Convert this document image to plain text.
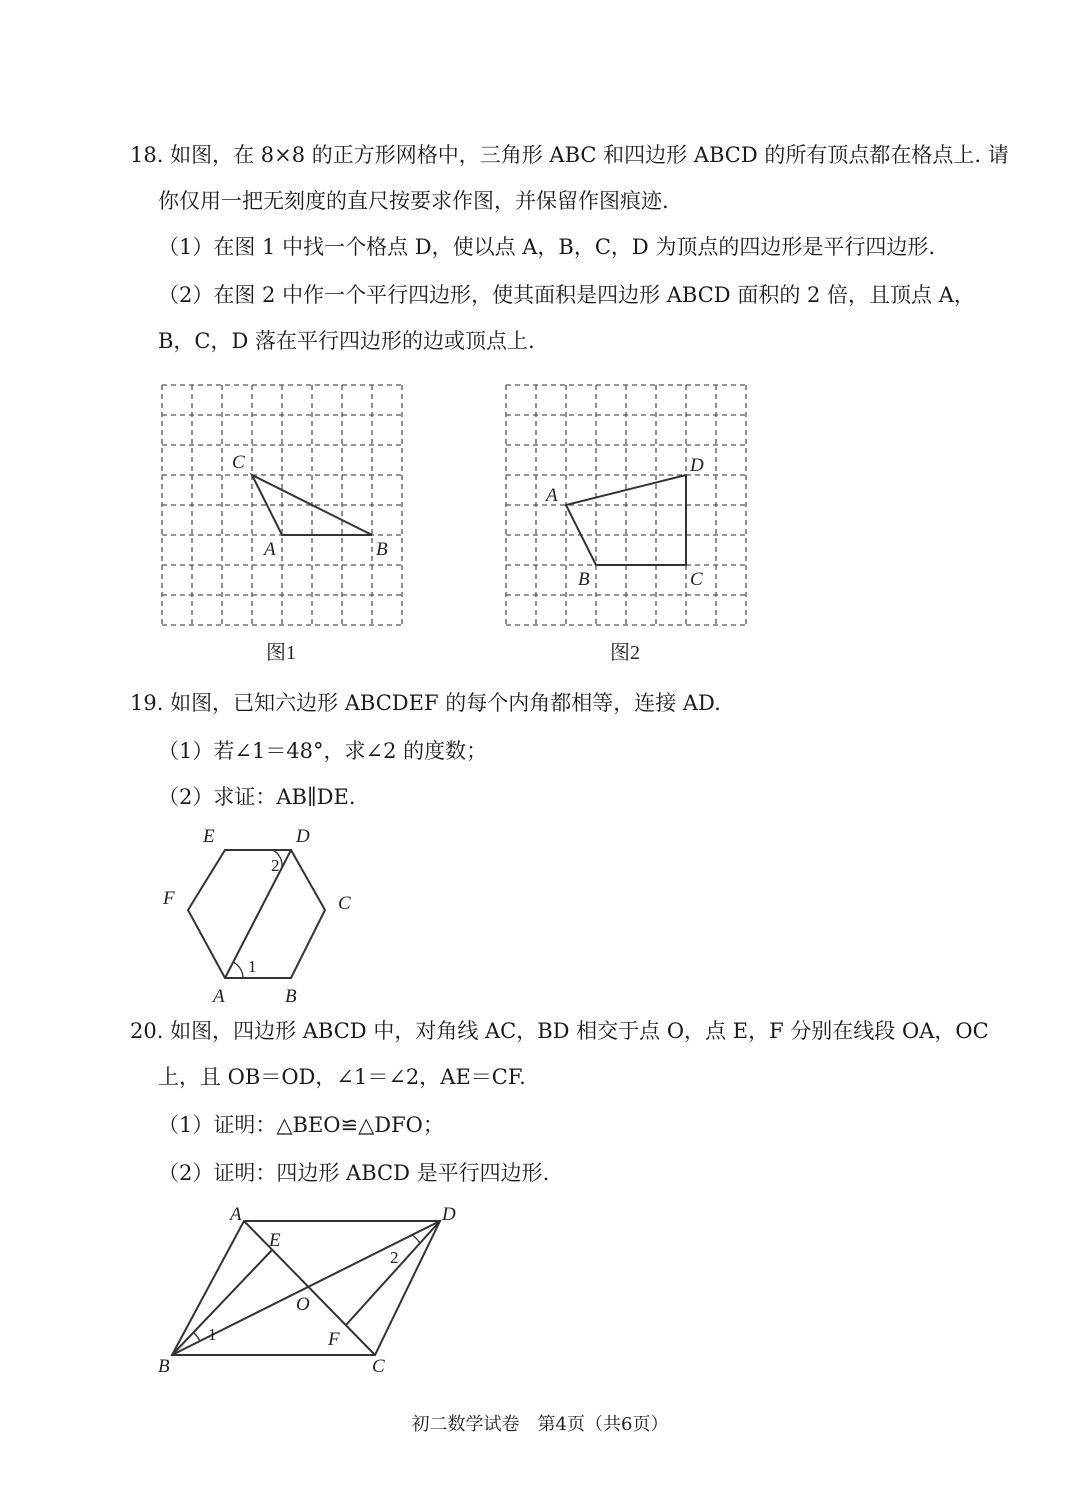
18. 如图，在 8×8 的正方形网格中，三角形 ABC 和四边形 ABCD 的所有顶点都在格点上. 请
你仅用一把无刻度的直尺按要求作图，并保留作图痕迹.
（1）在图 1 中找一个格点 D，使以点 A，B，C，D 为顶点的四边形是平行四边形.
（2）在图 2 中作一个平行四边形，使其面积是四边形 ABCD 面积的 2 倍，且顶点 A，
B，C，D 落在平行四边形的边或顶点上.
C
A	B
图1
D
A
B	C
图2
19. 如图，已知六边形 ABCDEF 的每个内角都相等，连接 AD.
（1）若∠1＝48°，求∠2 的度数；
（2）求证：AB∥DE.
E	D
F	C
A	B
1
2
20. 如图，四边形 ABCD 中，对角线 AC，BD 相交于点 O，点 E，F 分别在线段 OA，OC
上，且 OB＝OD，∠1＝∠2，AE＝CF.
（1）证明：△BEO≌△DFO；
（2）证明：四边形 ABCD 是平行四边形.
A	D
E
O
F
B	C
1
2
初二数学试卷　第4页（共6页）
